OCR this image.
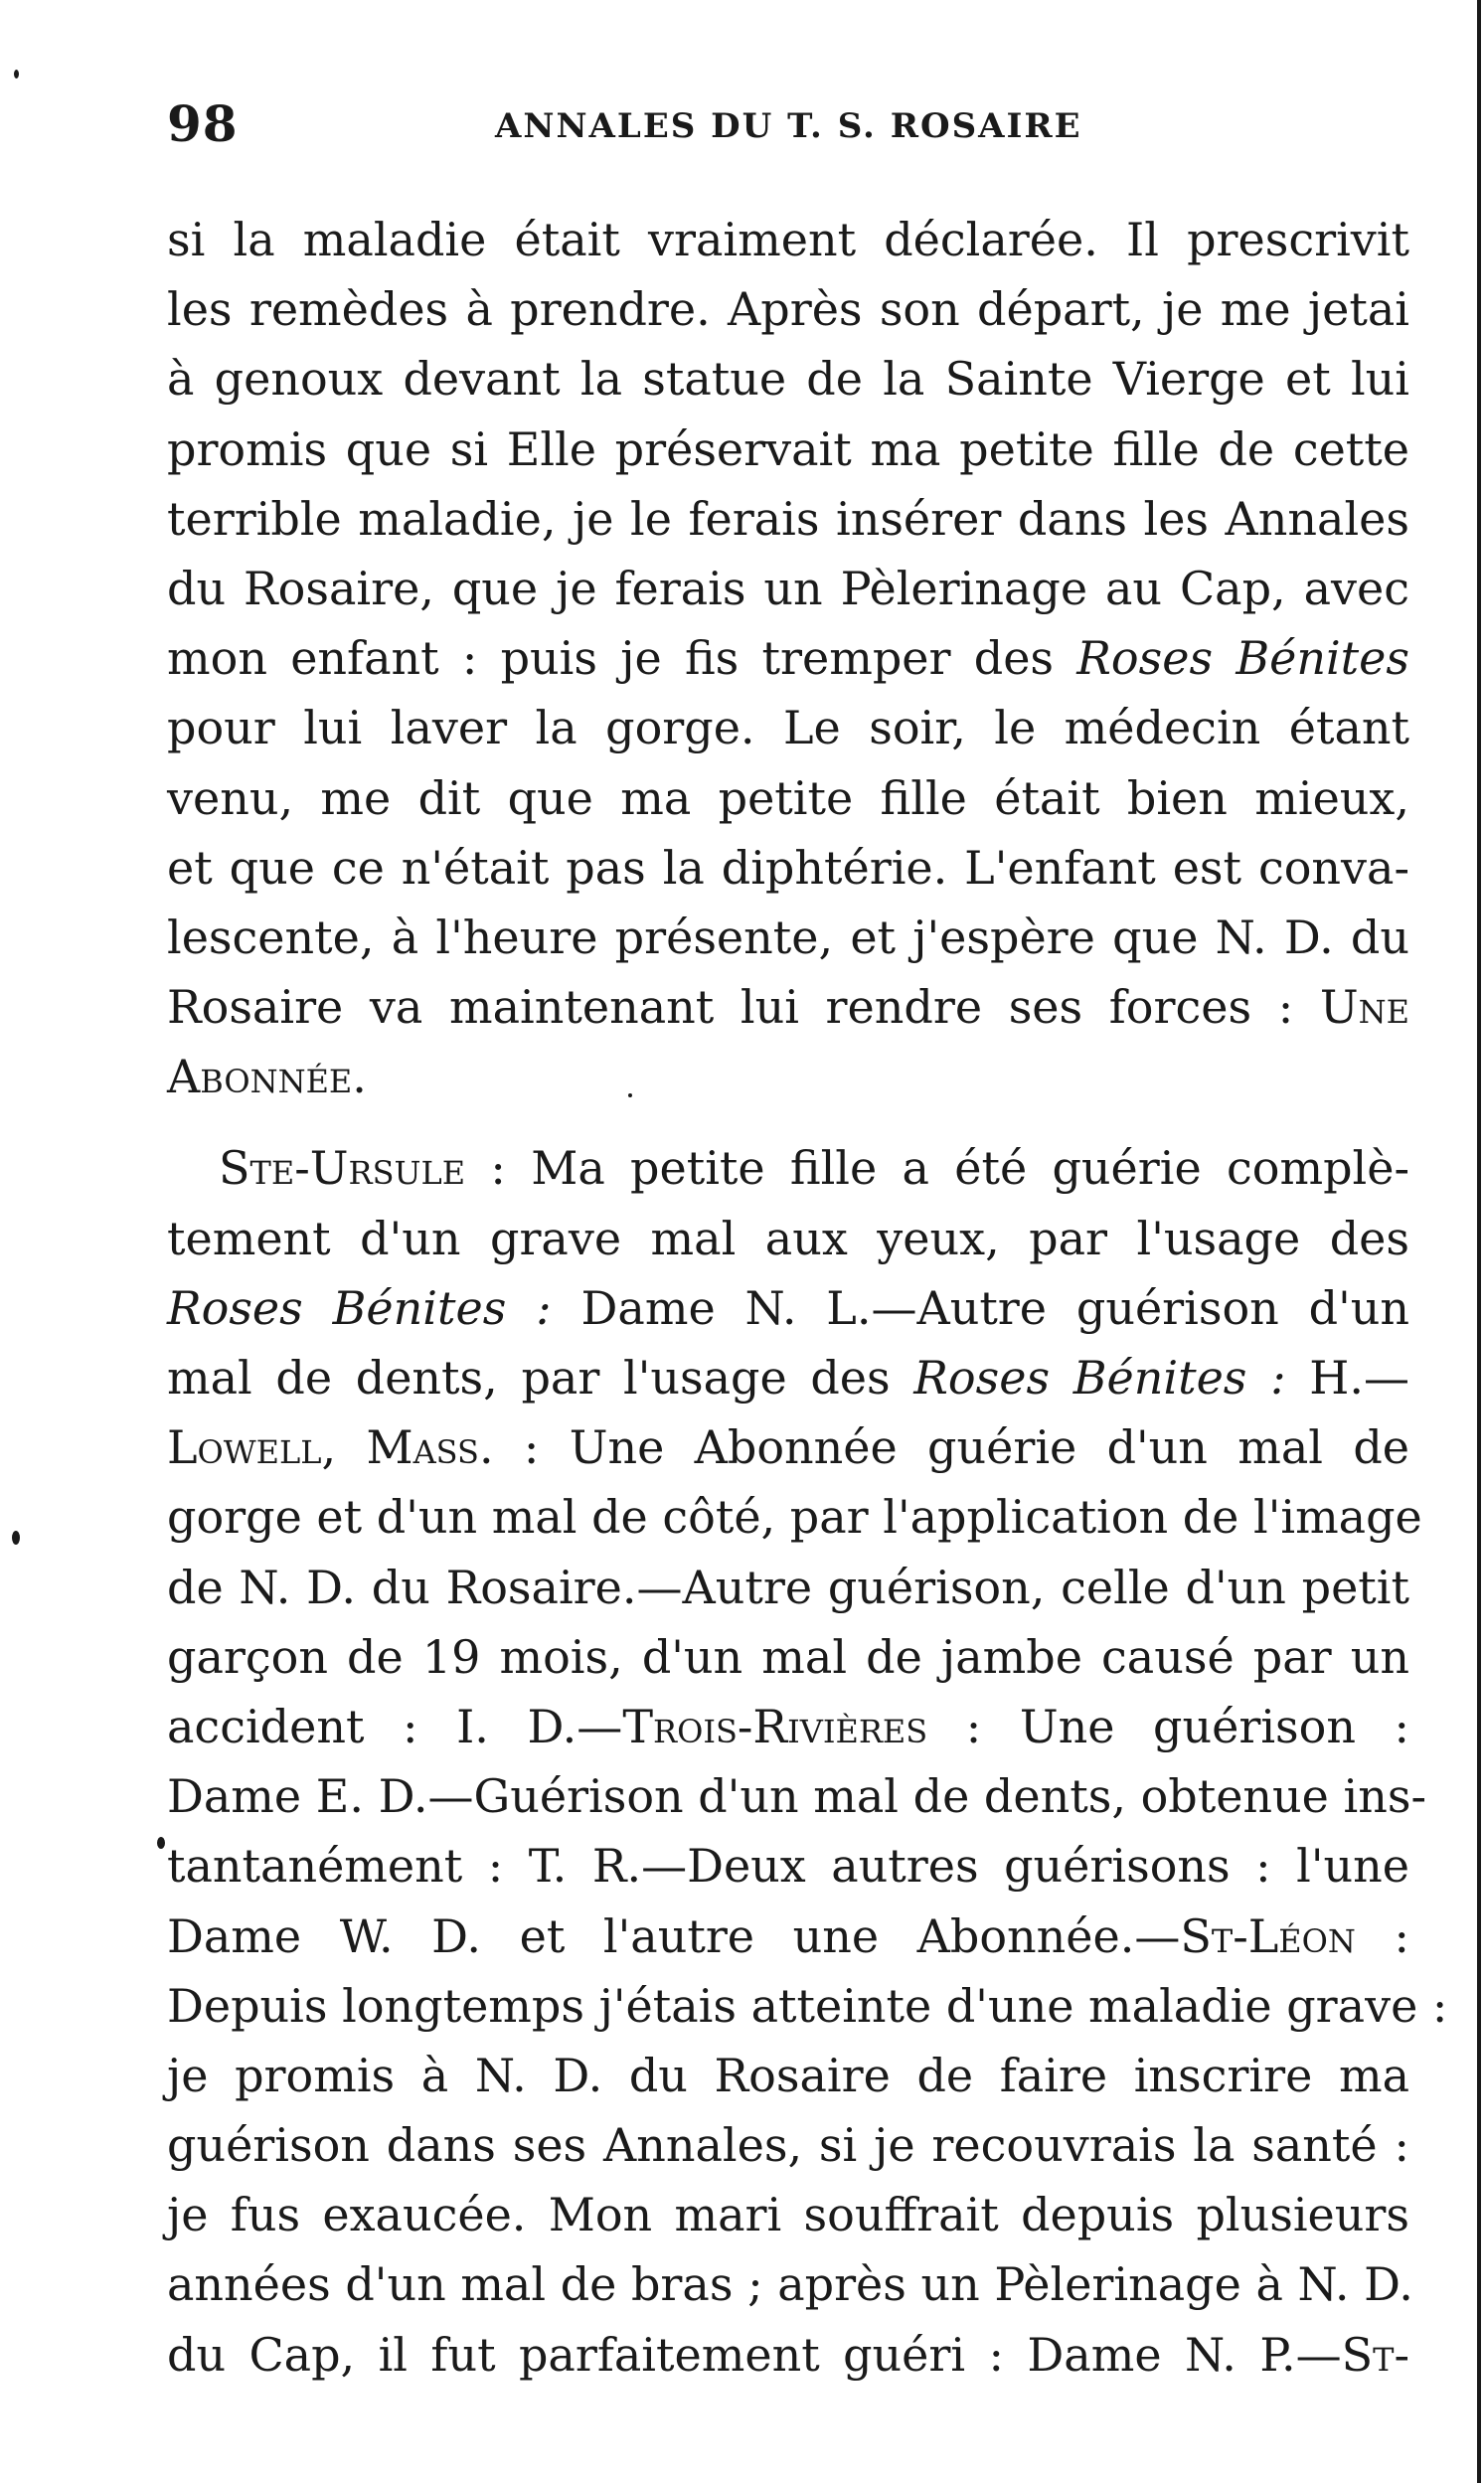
98	ANNALES DU T. S. ROSAIRE
si la maladie était vraiment déclarée. Il prescrivit
les remèdes à prendre. Après son départ, je me jetai
à genoux devant la statue de la Sainte Vierge et lui
promis que si Elle préservait ma petite fille de cette
terrible maladie, je le ferais insérer dans les Annales
du Rosaire, que je ferais un Pèlerinage au Cap, avec
mon enfant : puis je fis tremper des Roses Bénites
pour lui laver la gorge. Le soir, le médecin étant
venu, me dit que ma petite fille était bien mieux,
et que ce n'était pas la diphtérie. L'enfant est conva-
lescente, à l'heure présente, et j'espère que N. D. du
Rosaire va maintenant lui rendre ses forces : Une
Abonnée.
Ste-Ursule : Ma petite fille a été guérie complè-
tement d'un grave mal aux yeux, par l'usage des
Roses Bénites : Dame N. L.—Autre guérison d'un
mal de dents, par l'usage des Roses Bénites : H.—
Lowell, Mass. : Une Abonnée guérie d'un mal de
gorge et d'un mal de côté, par l'application de l'image
de N. D. du Rosaire.—Autre guérison, celle d'un petit
garçon de 19 mois, d'un mal de jambe causé par un
accident : I. D.—Trois-Rivières : Une guérison :
Dame E. D.—Guérison d'un mal de dents, obtenue ins-
tantanément : T. R.—Deux autres guérisons : l'une
Dame W. D. et l'autre une Abonnée.—St-Léon :
Depuis longtemps j'étais atteinte d'une maladie grave :
je promis à N. D. du Rosaire de faire inscrire ma
guérison dans ses Annales, si je recouvrais la santé :
je fus exaucée. Mon mari souffrait depuis plusieurs
années d'un mal de bras ; après un Pèlerinage à N. D.
du Cap, il fut parfaitement guéri : Dame N. P.—St-
